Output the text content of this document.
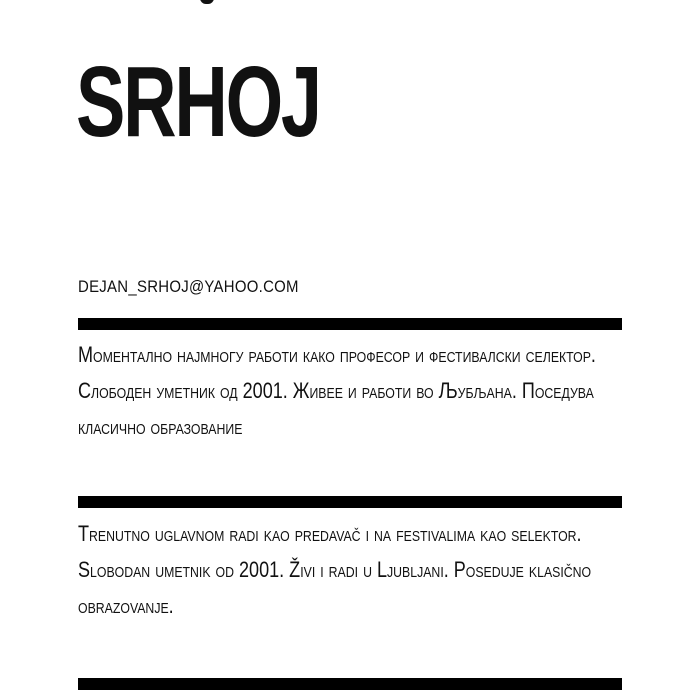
SRHOJ
DEJAN_SRHOJ@YAHOO.COM

Моментално најмногу работи како професор и фестивалски селектор. Слободен уметник од 2001. Живее и работи во Љубљана. Поседува класично образование

Trenutno uglavnom radi kao predavač i na festivalima kao selektor. Slobodan umetnik od 2001. Živi i radi u Ljubljani. Poseduje klasično obrazovanje.
